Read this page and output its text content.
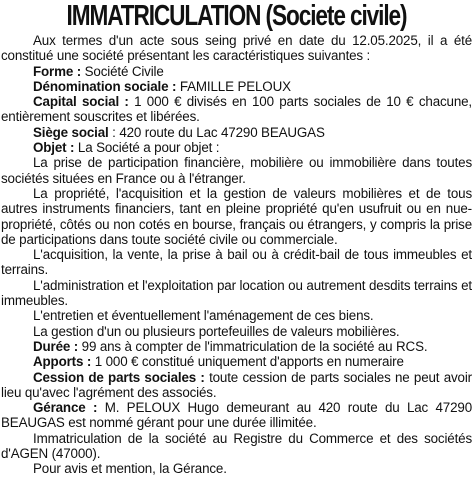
IMMATRICULATION (Societe civile)

Aux termes d'un acte sous seing privé en date du 12.05.2025, il a été constitué une société présentant les caractéristiques suivantes :

Forme : Société Civile

Dénomination sociale : FAMILLE PELOUX

Capital social : 1 000 € divisés en 100 parts sociales de 10 € chacune, entièrement souscrites et libérées.

Siège social : 420 route du Lac 47290 BEAUGAS

Objet : La Société a pour objet :

La prise de participation financière, mobilière ou immobilière dans toutes sociétés situées en France ou à l'étranger.

La propriété, l'acquisition et la gestion de valeurs mobilières et de tous autres instruments financiers, tant en pleine propriété qu'en usufruit ou en nue-propriété, côtés ou non cotés en bourse, français ou étrangers, y compris la prise de participations dans toute société civile ou commerciale.

L'acquisition, la vente, la prise à bail ou à crédit-bail de tous immeubles et terrains.

L'administration et l'exploitation par location ou autrement desdits terrains et immeubles.

L'entretien et éventuellement l'aménagement de ces biens.

La gestion d'un ou plusieurs portefeuilles de valeurs mobilières.

Durée : 99 ans à compter de l'immatriculation de la société au RCS.

Apports : 1 000 € constitué uniquement d'apports en numeraire

Cession de parts sociales : toute cession de parts sociales ne peut avoir lieu qu'avec l'agrément des associés.

Gérance : M. PELOUX Hugo demeurant au 420 route du Lac 47290 BEAUGAS est nommé gérant pour une durée illimitée.

Immatriculation de la société au Registre du Commerce et des sociétés d'AGEN (47000).

Pour avis et mention, la Gérance.
